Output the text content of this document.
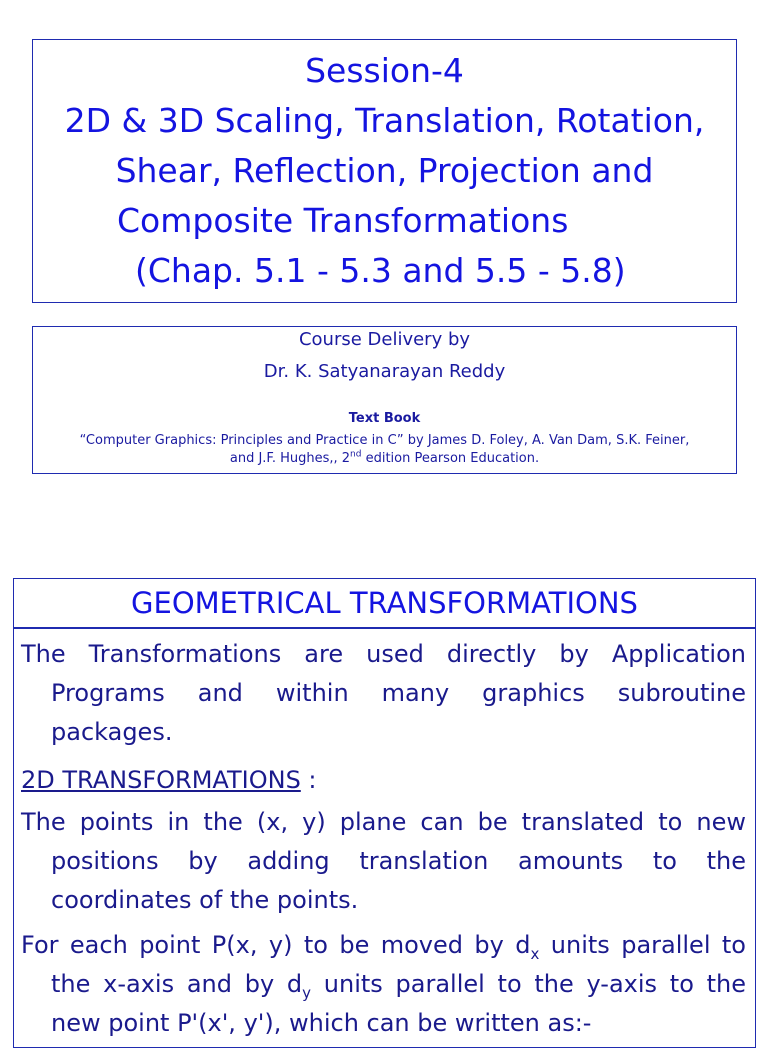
Session-4
2D & 3D Scaling, Translation, Rotation,
Shear, Reflection, Projection and
Composite Transformations
(Chap. 5.1 - 5.3 and 5.5 - 5.8)
Course Delivery by
Dr. K. Satyanarayan Reddy
Text Book
“Computer Graphics: Principles and Practice in C” by James D. Foley, A. Van Dam, S.K. Feiner,
and J.F. Hughes,, 2nd edition Pearson Education.
GEOMETRICAL TRANSFORMATIONS
The Transformations are used directly by Application Programs and within many graphics subroutine packages.
2D TRANSFORMATIONS :
The points in the (x, y) plane can be translated to new positions by adding translation amounts to the coordinates of the points.
For each point P(x, y) to be moved by $d_x$ units parallel to the x-axis and by $d_y$ units parallel to the y-axis to the new point P'(x', y'), which can be written as:-
